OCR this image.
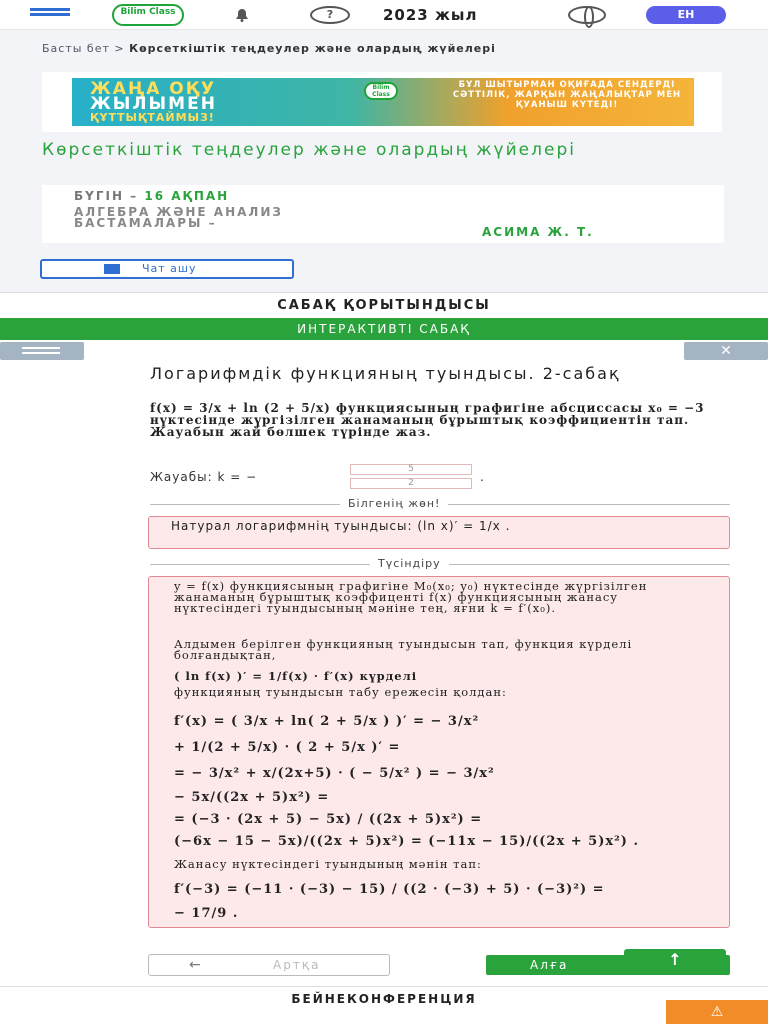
Bilim Class	?	2023 жыл	ЕН
Басты бет > Көрсеткіштік теңдеулер және олардың жүйелері
ЖАҢА ОҚУ
ЖЫЛЫМЕН
ҚҰТТЫҚТАЙМЫЗ!
Bilim Class
БҰЛ ШЫТЫРМАН ОҚИҒАДА СЕНДЕРДІ СӘТТІЛІК, ЖАРҚЫН ЖАҢАЛЫҚТАР МЕН ҚУАНЫШ КҮТЕДІ!
Көрсеткіштік теңдеулер және олардың жүйелері
БҮГІН – 16 АҚПАН
АЛГЕБРА ЖӘНЕ АНАЛИЗ БАСТАМАЛАРЫ –
АСИМА Ж. Т.
Чат ашу
САБАҚ ҚОРЫТЫНДЫСЫ
ИНТЕРАКТИВТІ САБАҚ
✕
Логарифмдік функцияның туындысы. 2-сабақ
f(x) = 3/x + ln (2 + 5/x) функциясының графигіне абсциссасы x₀ = −3 нүктесінде жүргізілген жанаманың бұрыштық коэффициентін тап. Жауабын жай бөлшек түрінде жаз.
Жауабы: k = −	$\frac{5}{2}$ .
Білгенің жөн!
Натурал логарифмнің туындысы: (ln x)′ = 1/x .
Түсіндіру

y = f(x) функциясының графигіне M₀(x₀; y₀) нүктесінде жүргізілген жанаманың бұрыштық коэффиценті f(x) функциясының жанасу нүктесіндегі туындысының мәніне тең, яғни k = f′(x₀).

Алдымен берілген функцияның туындысын тап, функция күрделі болғандықтан,

( ln f(x) )′ = 1/f(x) · f′(x) күрделі

функцияның туындысын табу ережесін қолдан:

f′(x) = ( 3/x + ln( 2 + 5/x ) )′ = − 3/x²
+ 1/(2 + 5/x) · ( 2 + 5/x )′ =
= − 3/x² + x/(2x+5) · ( − 5/x² ) = − 3/x²
− 5x/((2x + 5)x²) =
= (−3 · (2x + 5) − 5x) / ((2x + 5)x²) =
(−6x − 15 − 5x)/((2x + 5)x²) = (−11x − 15)/((2x + 5)x²) .

Жанасу нүктесіндегі туындының мәнін тап:

f′(−3) = (−11 · (−3) − 15) / ((2 · (−3) + 5) · (−3)²) =
− 17/9 .
←	Артқа	Алға	↑
БЕЙНЕКОНФЕРЕНЦИЯ
⚠
